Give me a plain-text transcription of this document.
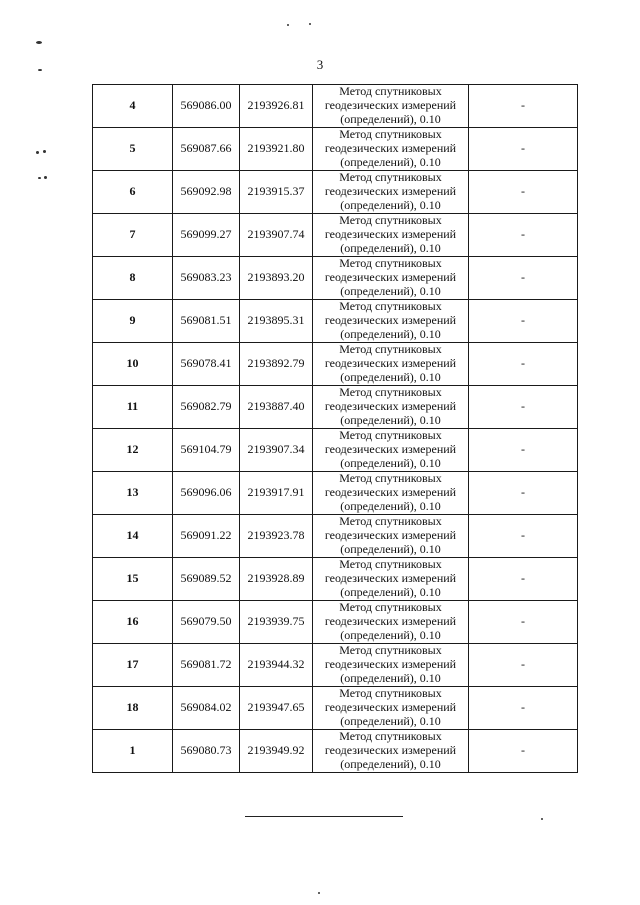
3
4	569086.00	2193926.81	Метод спутниковых
геодезических измерений
(определений), 0.10	-
5	569087.66	2193921.80	Метод спутниковых
геодезических измерений
(определений), 0.10	-
6	569092.98	2193915.37	Метод спутниковых
геодезических измерений
(определений), 0.10	-
7	569099.27	2193907.74	Метод спутниковых
геодезических измерений
(определений), 0.10	-
8	569083.23	2193893.20	Метод спутниковых
геодезических измерений
(определений), 0.10	-
9	569081.51	2193895.31	Метод спутниковых
геодезических измерений
(определений), 0.10	-
10	569078.41	2193892.79	Метод спутниковых
геодезических измерений
(определений), 0.10	-
11	569082.79	2193887.40	Метод спутниковых
геодезических измерений
(определений), 0.10	-
12	569104.79	2193907.34	Метод спутниковых
геодезических измерений
(определений), 0.10	-
13	569096.06	2193917.91	Метод спутниковых
геодезических измерений
(определений), 0.10	-
14	569091.22	2193923.78	Метод спутниковых
геодезических измерений
(определений), 0.10	-
15	569089.52	2193928.89	Метод спутниковых
геодезических измерений
(определений), 0.10	-
16	569079.50	2193939.75	Метод спутниковых
геодезических измерений
(определений), 0.10	-
17	569081.72	2193944.32	Метод спутниковых
геодезических измерений
(определений), 0.10	-
18	569084.02	2193947.65	Метод спутниковых
геодезических измерений
(определений), 0.10	-
1	569080.73	2193949.92	Метод спутниковых
геодезических измерений
(определений), 0.10	-
